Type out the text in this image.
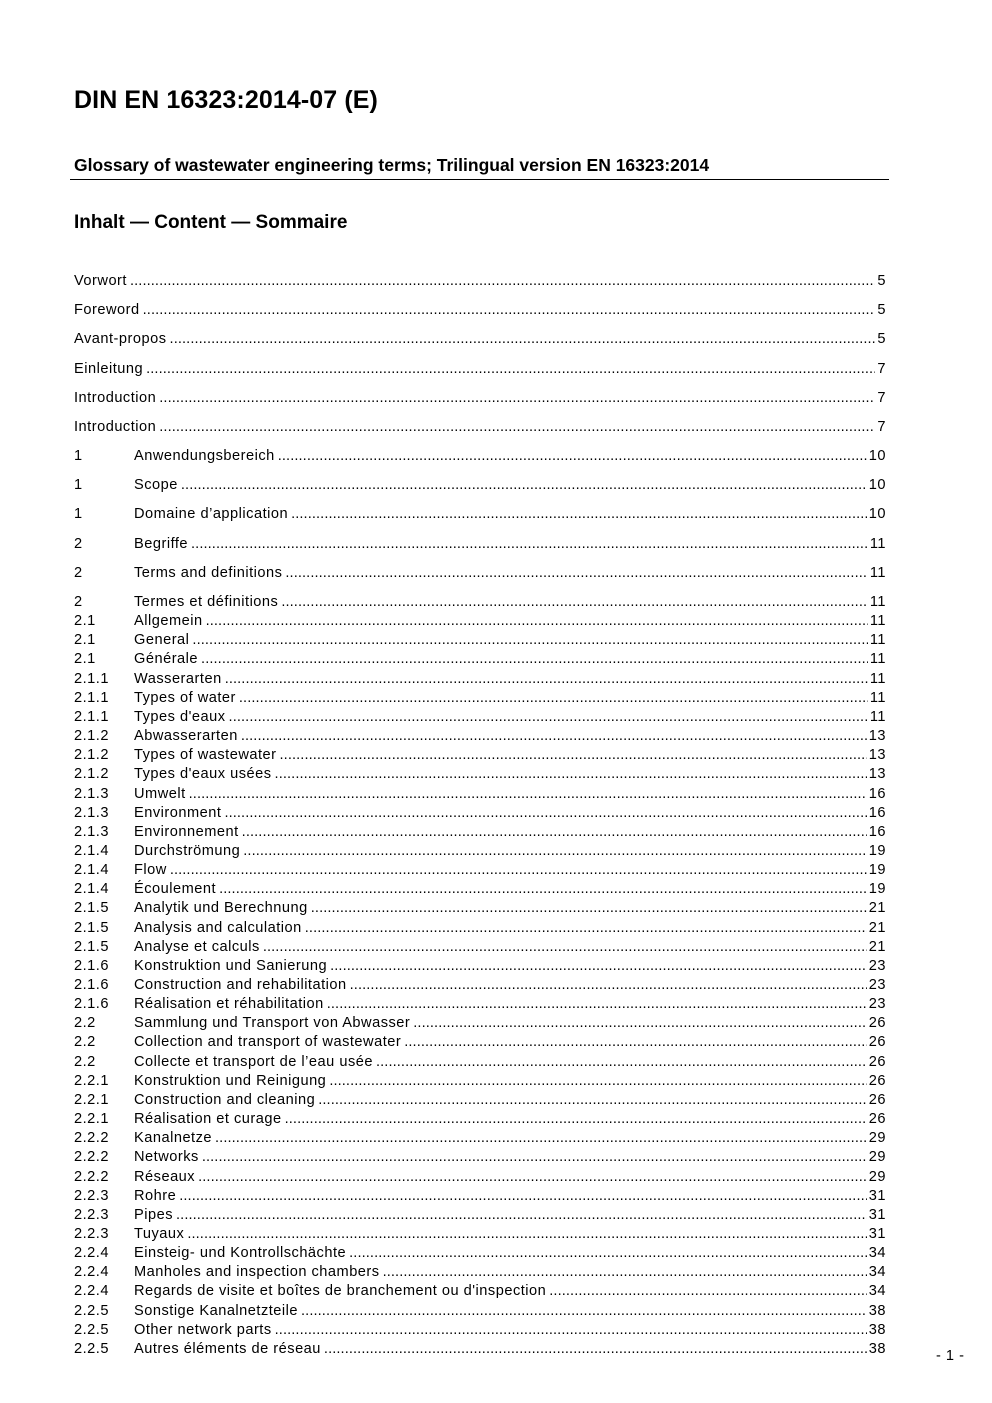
DIN EN 16323:2014-07 (E)
Glossary of wastewater engineering terms; Trilingual version EN 16323:2014
Inhalt — Content — Sommaire
Vorwort .....	5
Foreword .....	5
Avant-propos .....	5
Einleitung .....	7
Introduction .....	7
Introduction .....	7
1	Anwendungsbereich .....	10
1	Scope .....	10
1	Domaine d’application .....	10
2	Begriffe .....	11
2	Terms and definitions .....	11
2	Termes et définitions .....	11
2.1	Allgemein .....	11
2.1	General .....	11
2.1	Générale .....	11
2.1.1	Wasserarten .....	11
2.1.1	Types of water .....	11
2.1.1	Types d'eaux .....	11
2.1.2	Abwasserarten .....	13
2.1.2	Types of wastewater .....	13
2.1.2	Types d'eaux usées .....	13
2.1.3	Umwelt .....	16
2.1.3	Environment .....	16
2.1.3	Environnement .....	16
2.1.4	Durchströmung .....	19
2.1.4	Flow .....	19
2.1.4	Écoulement .....	19
2.1.5	Analytik und Berechnung .....	21
2.1.5	Analysis and calculation .....	21
2.1.5	Analyse et calculs .....	21
2.1.6	Konstruktion und Sanierung .....	23
2.1.6	Construction and rehabilitation .....	23
2.1.6	Réalisation et réhabilitation .....	23
2.2	Sammlung und Transport von Abwasser .....	26
2.2	Collection and transport of wastewater .....	26
2.2	Collecte et transport de l’eau usée .....	26
2.2.1	Konstruktion und Reinigung .....	26
2.2.1	Construction and cleaning .....	26
2.2.1	Réalisation et curage .....	26
2.2.2	Kanalnetze .....	29
2.2.2	Networks .....	29
2.2.2	Réseaux .....	29
2.2.3	Rohre .....	31
2.2.3	Pipes .....	31
2.2.3	Tuyaux .....	31
2.2.4	Einsteig- und Kontrollschächte .....	34
2.2.4	Manholes and inspection chambers .....	34
2.2.4	Regards de visite et boîtes de branchement ou d'inspection .....	34
2.2.5	Sonstige Kanalnetzteile .....	38
2.2.5	Other network parts .....	38
2.2.5	Autres éléments de réseau .....	38	- 1 -
